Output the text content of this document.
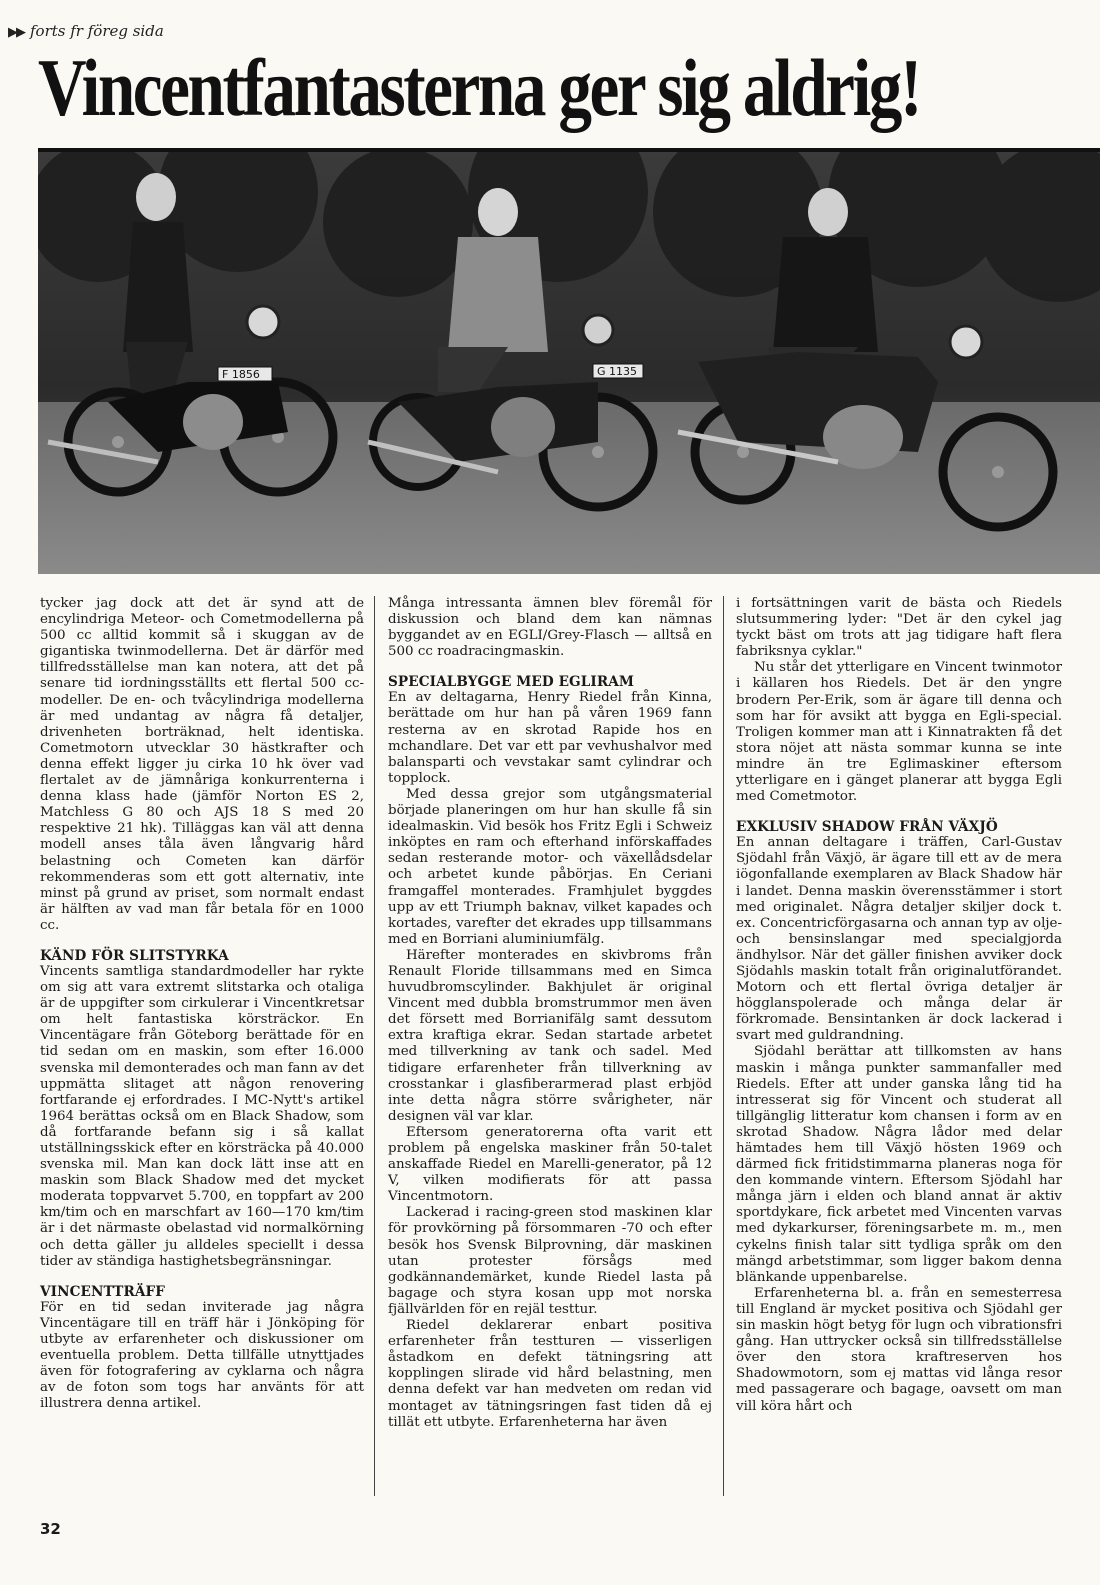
▶▶ forts fr föreg sida
Vincentfantasterna ger sig aldrig!
F 1856	G 1135

tycker jag dock att det är synd att de encylindriga Meteor- och Cometmodellerna på 500 cc alltid kommit så i skuggan av de gigantiska twinmodellerna. Det är därför med tillfredsställelse man kan notera, att det på senare tid iordningsställts ett flertal 500 cc-modeller. De en- och tvåcylindriga modellerna är med undantag av några få detaljer, drivenheten borträknad, helt identiska. Cometmotorn utvecklar 30 hästkrafter och denna effekt ligger ju cirka 10 hk över vad flertalet av de jämnåriga konkurrenterna i denna klass hade (jämför Norton ES 2, Matchless G 80 och AJS 18 S med 20 respektive 21 hk). Tilläggas kan väl att denna modell anses tåla även långvarig hård belastning och Cometen kan därför rekommenderas som ett gott alternativ, inte minst på grund av priset, som normalt endast är hälften av vad man får betala för en 1000 cc.

KÄND FÖR SLITSTYRKA

Vincents samtliga standardmodeller har rykte om sig att vara extremt slitstarka och otaliga är de uppgifter som cirkulerar i Vincentkretsar om helt fantastiska körsträckor. En Vincentägare från Göteborg berättade för en tid sedan om en maskin, som efter 16.000 svenska mil demonterades och man fann av det uppmätta slitaget att någon renovering fortfarande ej erfordrades. I MC-Nytt's artikel 1964 berättas också om en Black Shadow, som då fortfarande befann sig i så kallat utställningsskick efter en körsträcka på 40.000 svenska mil. Man kan dock lätt inse att en maskin som Black Shadow med det mycket moderata toppvarvet 5.700, en toppfart av 200 km/tim och en marschfart av 160—170 km/tim är i det närmaste obelastad vid normalkörning och detta gäller ju alldeles speciellt i dessa tider av ständiga hastighetsbegränsningar.

VINCENTTRÄFF

För en tid sedan inviterade jag några Vincentägare till en träff här i Jönköping för utbyte av erfarenheter och diskussioner om eventuella problem. Detta tillfälle utnyttjades även för fotografering av cyklarna och några av de foton som togs har använts för att illustrera denna artikel.

Många intressanta ämnen blev föremål för diskussion och bland dem kan nämnas byggandet av en EGLI/Grey-Flasch — alltså en 500 cc roadracingmaskin.

SPECIALBYGGE MED EGLIRAM

En av deltagarna, Henry Riedel från Kinna, berättade om hur han på våren 1969 fann resterna av en skrotad Rapide hos en mchandlare. Det var ett par vevhushalvor med balansparti och vevstakar samt cylindrar och topplock.

Med dessa grejor som utgångsmaterial började planeringen om hur han skulle få sin idealmaskin. Vid besök hos Fritz Egli i Schweiz inköptes en ram och efterhand införskaffades sedan resterande motor- och växellådsdelar och arbetet kunde påbörjas. En Ceriani framgaffel monterades. Framhjulet byggdes upp av ett Triumph baknav, vilket kapades och kortades, varefter det ekrades upp tillsammans med en Borriani aluminiumfälg.

Härefter monterades en skivbroms från Renault Floride tillsammans med en Simca huvudbromscylinder. Bakhjulet är original Vincent med dubbla bromstrummor men även det försett med Borrianifälg samt dessutom extra kraftiga ekrar. Sedan startade arbetet med tillverkning av tank och sadel. Med tidigare erfarenheter från tillverkning av crosstankar i glasfiberarmerad plast erbjöd inte detta några större svårigheter, när designen väl var klar.

Eftersom generatorerna ofta varit ett problem på engelska maskiner från 50-talet anskaffade Riedel en Marelli-generator, på 12 V, vilken modifierats för att passa Vincentmotorn.

Lackerad i racing-green stod maskinen klar för provkörning på försommaren -70 och efter besök hos Svensk Bilprovning, där maskinen utan protester försågs med godkännandemärket, kunde Riedel lasta på bagage och styra kosan upp mot norska fjällvärlden för en rejäl testtur.

Riedel deklarerar enbart positiva erfarenheter från testturen — visserligen åstadkom en defekt tätningsring att kopplingen slirade vid hård belastning, men denna defekt var han medveten om redan vid montaget av tätningsringen fast tiden då ej tillät ett utbyte. Erfarenheterna har även

i fortsättningen varit de bästa och Riedels slutsummering lyder: "Det är den cykel jag tyckt bäst om trots att jag tidigare haft flera fabriksnya cyklar."

Nu står det ytterligare en Vincent twinmotor i källaren hos Riedels. Det är den yngre brodern Per-Erik, som är ägare till denna och som har för avsikt att bygga en Egli-special. Troligen kommer man att i Kinnatrakten få det stora nöjet att nästa sommar kunna se inte mindre än tre Eglimaskiner eftersom ytterligare en i gänget planerar att bygga Egli med Cometmotor.

EXKLUSIV SHADOW FRÅN VÄXJÖ

En annan deltagare i träffen, Carl-Gustav Sjödahl från Växjö, är ägare till ett av de mera iögonfallande exemplaren av Black Shadow här i landet. Denna maskin överensstämmer i stort med originalet. Några detaljer skiljer dock t. ex. Concentricförgasarna och annan typ av olje- och bensinslangar med specialgjorda ändhylsor. När det gäller finishen avviker dock Sjödahls maskin totalt från originalutförandet. Motorn och ett flertal övriga detaljer är högglanspolerade och många delar är förkromade. Bensintanken är dock lackerad i svart med guldrandning.

Sjödahl berättar att tillkomsten av hans maskin i många punkter sammanfaller med Riedels. Efter att under ganska lång tid ha intresserat sig för Vincent och studerat all tillgänglig litteratur kom chansen i form av en skrotad Shadow. Några lådor med delar hämtades hem till Växjö hösten 1969 och därmed fick fritidstimmarna planeras noga för den kommande vintern. Eftersom Sjödahl har många järn i elden och bland annat är aktiv sportdykare, fick arbetet med Vincenten varvas med dykarkurser, föreningsarbete m. m., men cykelns finish talar sitt tydliga språk om den mängd arbetstimmar, som ligger bakom denna blänkande uppenbarelse.

Erfarenheterna bl. a. från en semesterresa till England är mycket positiva och Sjödahl ger sin maskin högt betyg för lugn och vibrationsfri gång. Han uttrycker också sin tillfredsställelse över den stora kraftreserven hos Shadowmotorn, som ej mattas vid långa resor med passagerare och bagage, oavsett om man vill köra hårt och

32
